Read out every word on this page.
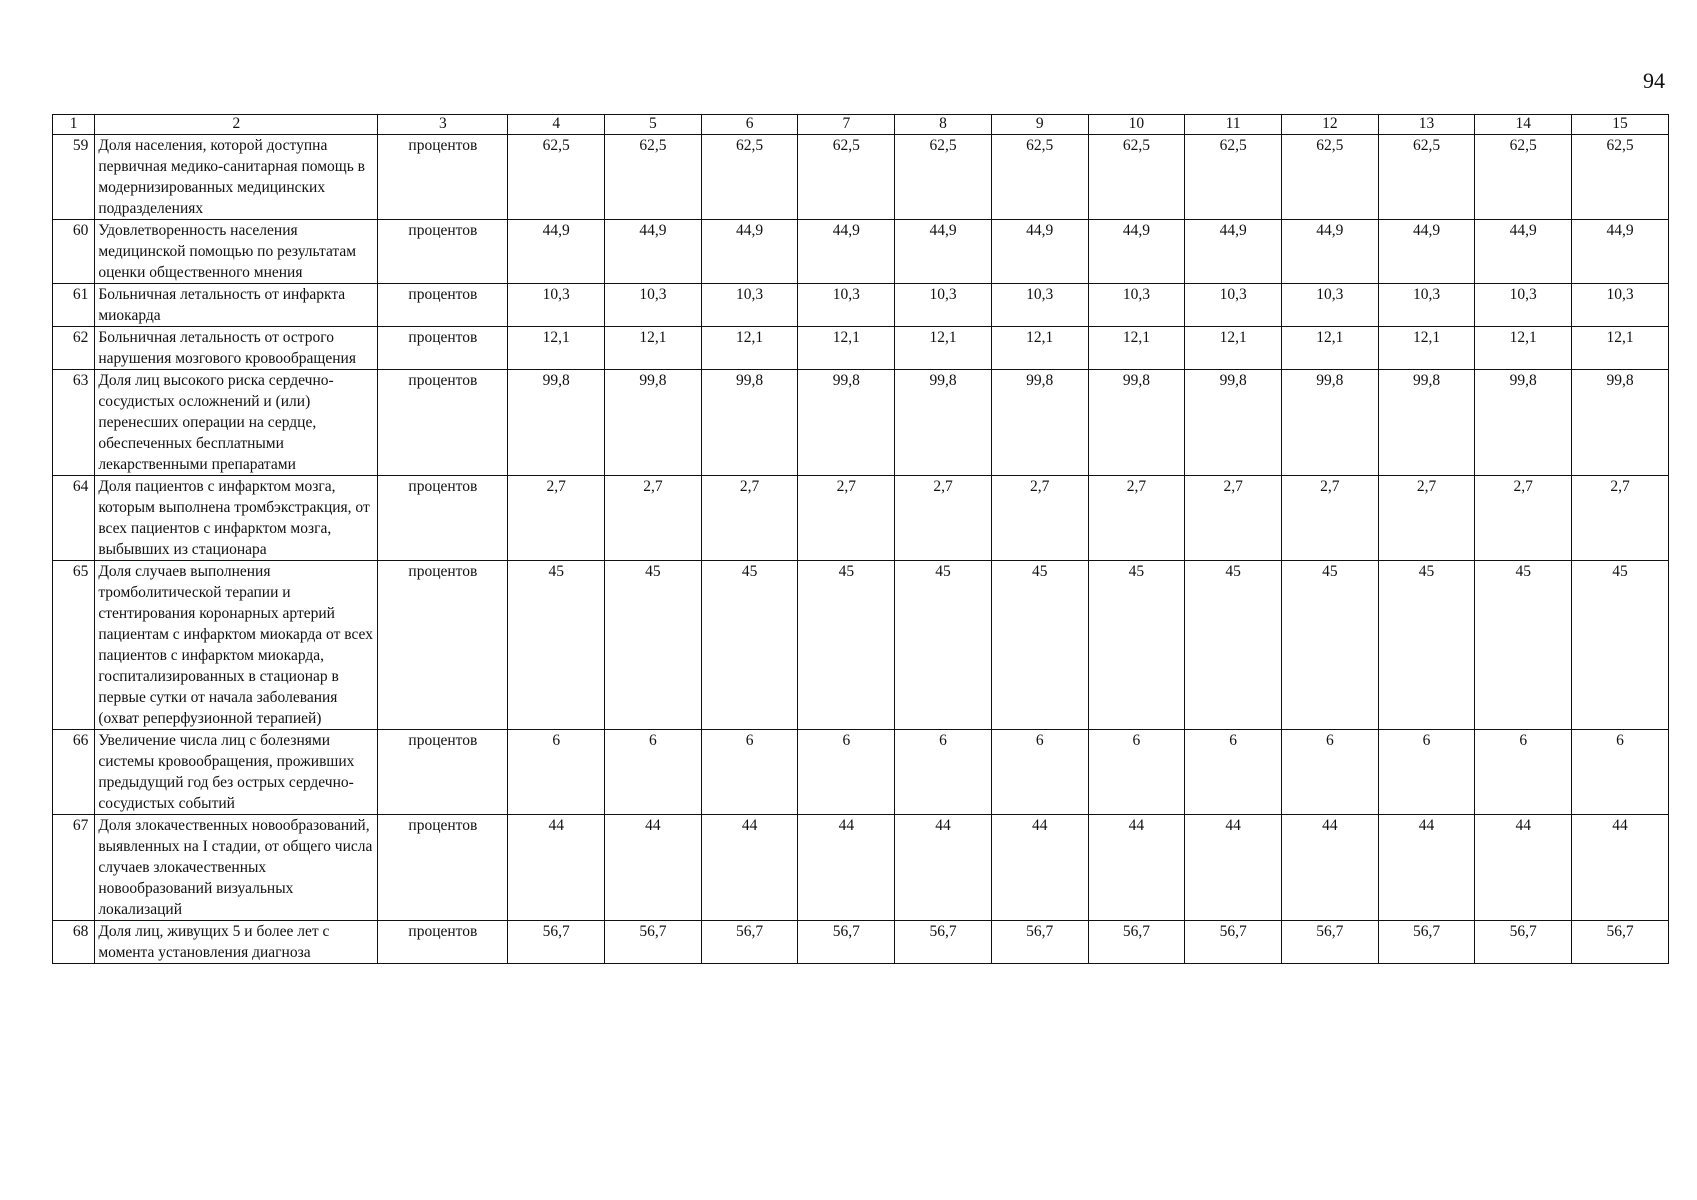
94
1	2	3	4	5	6	7	8	9	10	11	12	13	14	15
59	Доля населения, которой доступна первичная медико-санитарная помощь в модернизированных медицинских подразделениях	процентов	62,5	62,5	62,5	62,5	62,5	62,5	62,5	62,5	62,5	62,5	62,5	62,5
60	Удовлетворенность населения медицинской помощью по результатам оценки общественного мнения	процентов	44,9	44,9	44,9	44,9	44,9	44,9	44,9	44,9	44,9	44,9	44,9	44,9
61	Больничная летальность от инфаркта миокарда	процентов	10,3	10,3	10,3	10,3	10,3	10,3	10,3	10,3	10,3	10,3	10,3	10,3
62	Больничная летальность от острого нарушения мозгового кровообращения	процентов	12,1	12,1	12,1	12,1	12,1	12,1	12,1	12,1	12,1	12,1	12,1	12,1
63	Доля лиц высокого риска сердечно-сосудистых осложнений и (или) перенесших операции на сердце, обеспеченных бесплатными лекарственными препаратами	процентов	99,8	99,8	99,8	99,8	99,8	99,8	99,8	99,8	99,8	99,8	99,8	99,8
64	Доля пациентов с инфарктом мозга, которым выполнена тромбэкстракция, от всех пациентов с инфарктом мозга, выбывших из стационара	процентов	2,7	2,7	2,7	2,7	2,7	2,7	2,7	2,7	2,7	2,7	2,7	2,7
65	Доля случаев выполнения тромболитической терапии и стентирования коронарных артерий пациентам с инфарктом миокарда от всех пациентов с инфарктом миокарда, госпитализированных в стационар в первые сутки от начала заболевания (охват реперфузионной терапией)	процентов	45	45	45	45	45	45	45	45	45	45	45	45
66	Увеличение числа лиц с болезнями системы кровообращения, проживших предыдущий год без острых сердечно-сосудистых событий	процентов	6	6	6	6	6	6	6	6	6	6	6	6
67	Доля злокачественных новообразований, выявленных на I стадии, от общего числа случаев злокачественных новообразований визуальных локализаций	процентов	44	44	44	44	44	44	44	44	44	44	44	44
68	Доля лиц, живущих 5 и более лет с момента установления диагноза	процентов	56,7	56,7	56,7	56,7	56,7	56,7	56,7	56,7	56,7	56,7	56,7	56,7
